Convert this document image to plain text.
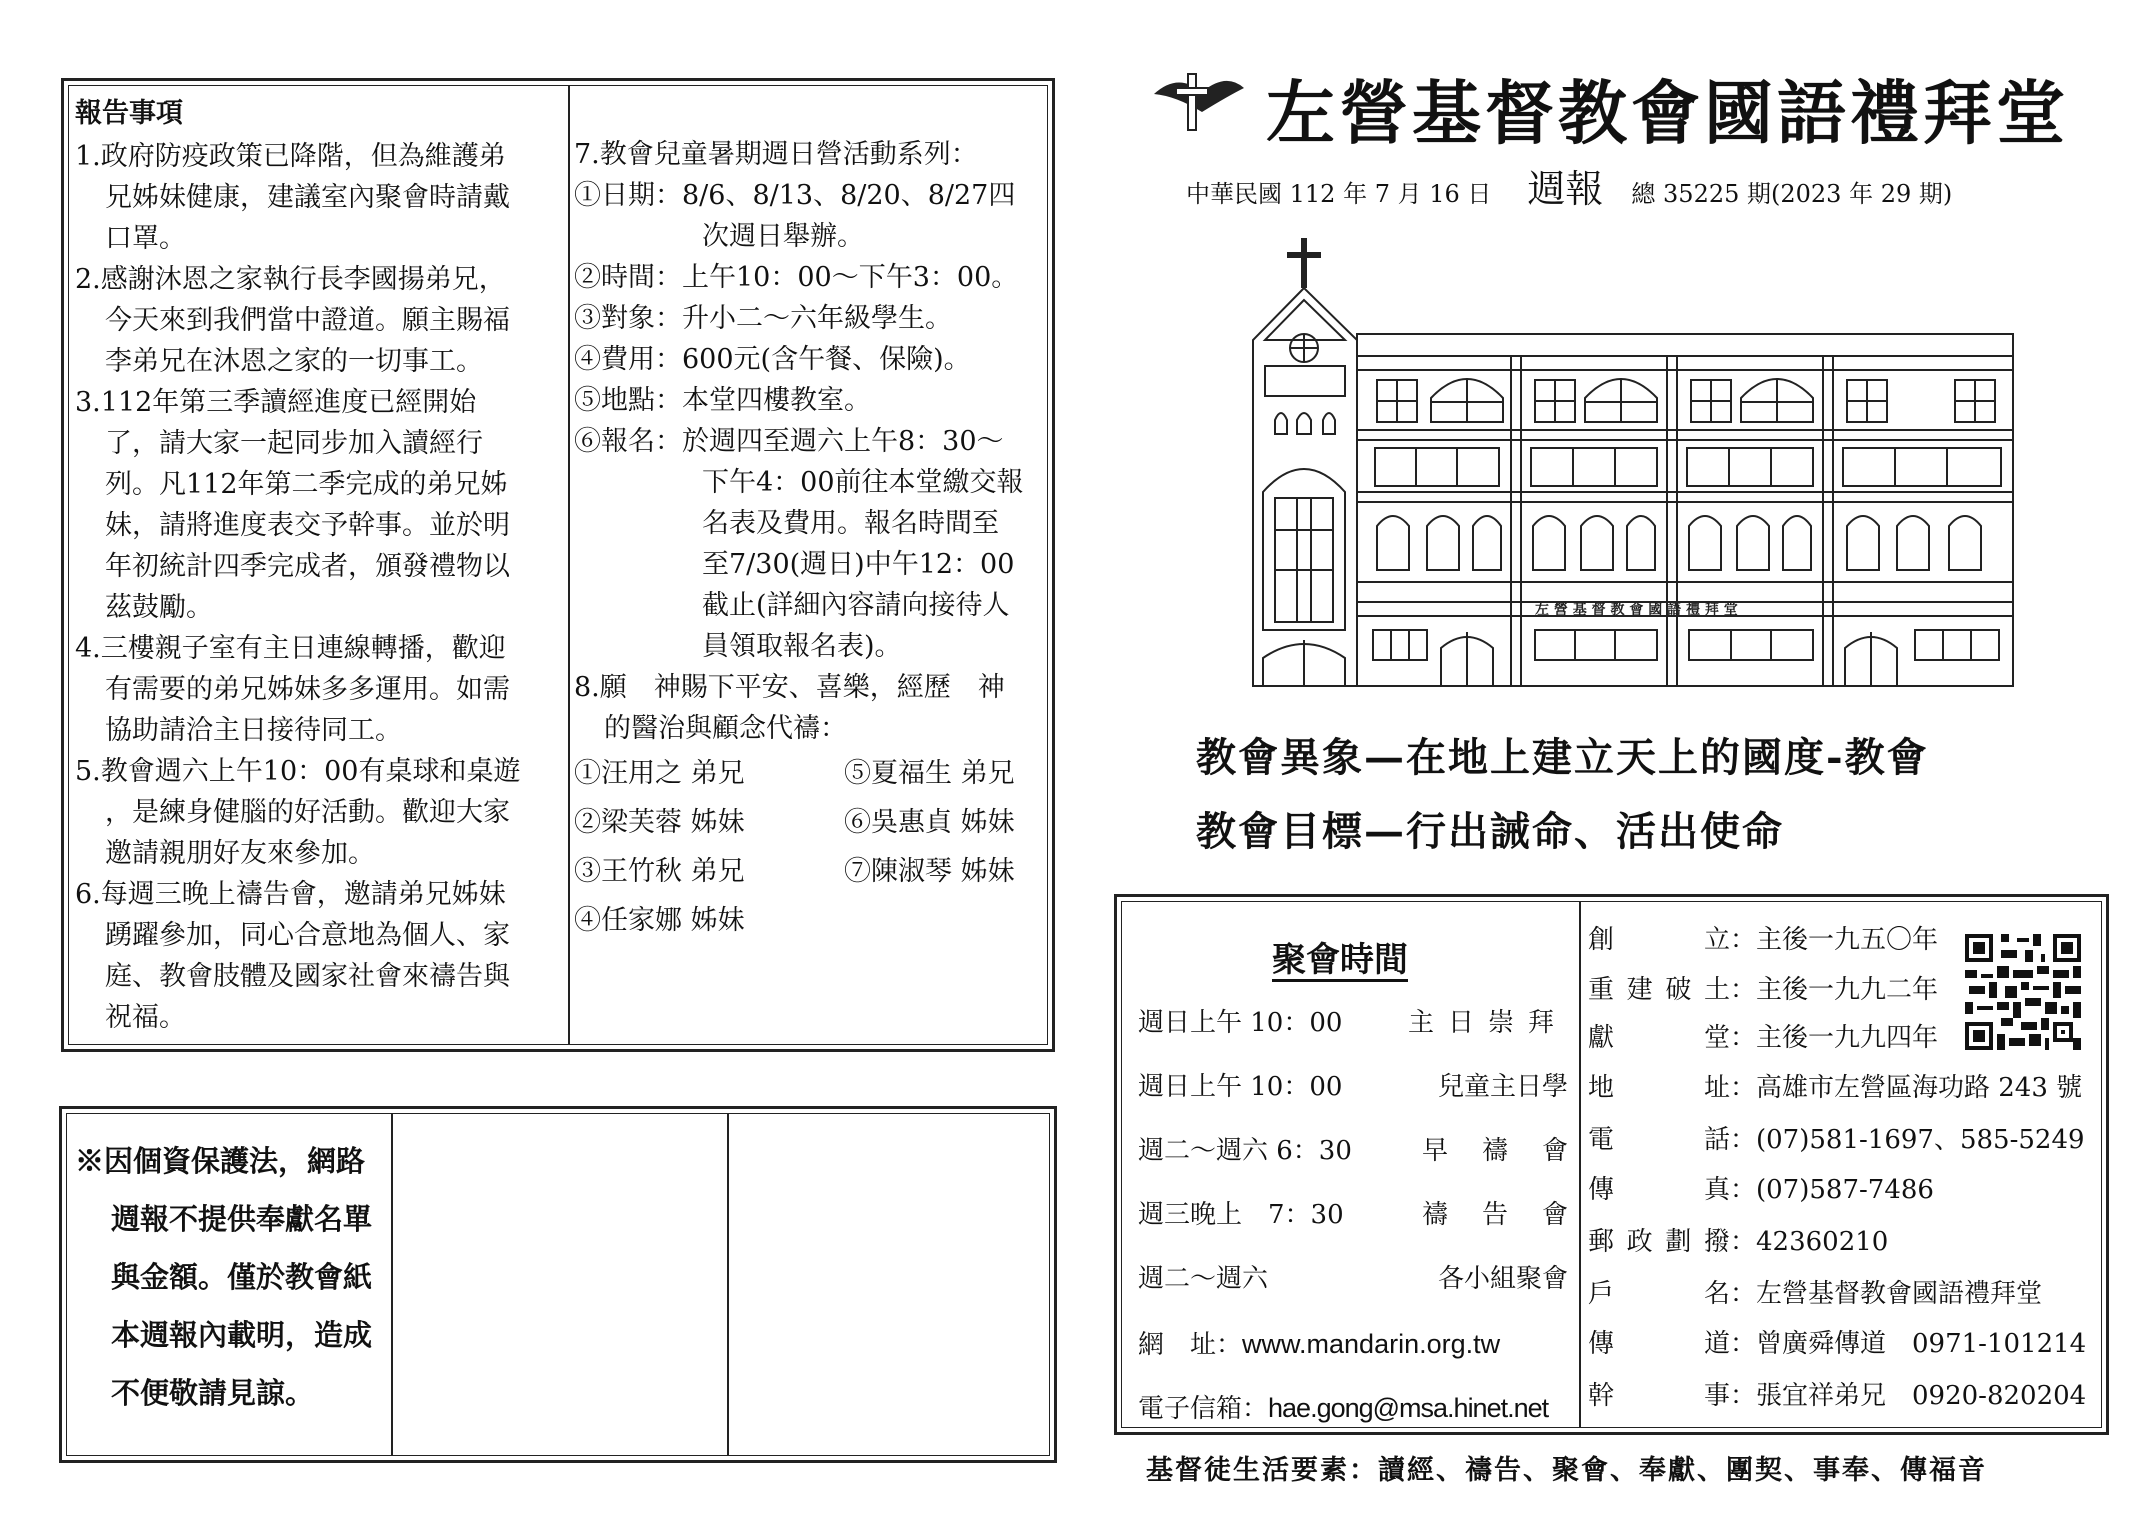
報告事項
1.政府防疫政策已降階，但為維護弟
兄姊妹健康，建議室內聚會時請戴
口罩。
2.感謝沐恩之家執行長李國揚弟兄，
今天來到我們當中證道。願主賜福
李弟兄在沐恩之家的一切事工。
3.112年第三季讀經進度已經開始
了，請大家一起同步加入讀經行
列。凡112年第二季完成的弟兄姊
妹，請將進度表交予幹事。並於明
年初統計四季完成者，頒發禮物以
茲鼓勵。
4.三樓親子室有主日連線轉播，歡迎
有需要的弟兄姊妹多多運用。如需
協助請洽主日接待同工。
5.教會週六上午10：00有桌球和桌遊
，是練身健腦的好活動。歡迎大家
邀請親朋好友來參加。
6.每週三晚上禱告會，邀請弟兄姊妹
踴躍參加，同心合意地為個人、家
庭、教會肢體及國家社會來禱告與
祝福。
7.教會兒童暑期週日營活動系列：
①日期：8/6、8/13、8/20、8/27四
次週日舉辦。
②時間：上午10：00～下午3：00。
③對象：升小二～六年級學生。
④費用：600元(含午餐、保險)。
⑤地點：本堂四樓教室。
⑥報名：於週四至週六上午8：30～
下午4：00前往本堂繳交報
名表及費用。報名時間至
至7/30(週日)中午12：00
截止(詳細內容請向接待人
員領取報名表)。
8.願　神賜下平安、喜樂，經歷　神
的醫治與顧念代禱：
①汪用之 弟兄	⑤夏福生 弟兄
②梁芙蓉 姊妹	⑥吳惠貞 姊妹
③王竹秋 弟兄	⑦陳淑琴 姊妹
④任家娜 姊妹
※因個資保護法，網路
週報不提供奉獻名單
與金額。僅於教會紙
本週報內載明，造成
不便敬請見諒。
左營基督教會國語禮拜堂
中華民國 112 年 7 月 16 日 週報 總 35225 期(2023 年 29 期)
左 營 基 督 教 會 國 語 禮 拜 堂
教會異象—在地上建立天上的國度-教會
教會目標—行出誡命、活出使命
聚會時間
週日上午 10：00	主日崇拜
週日上午 10：00	兒童主日學
週二～週六 6：30	早禱會
週三晚上　7：30	禱告會
週二～週六	各小組聚會
網　址：www.mandarin.org.tw
電子信箱：hae.gong@msa.hinet.net
創立：主後一九五〇年
重建破土：主後一九九二年
獻堂：主後一九九四年
地址：高雄市左營區海功路 243 號
電話：(07)581-1697、585-5249
傳真：(07)587-7486
郵政劃撥：42360210
戶名：左營基督教會國語禮拜堂
傳道：曾廣舜傳道　0971-101214
幹事：張宜祥弟兄　0920-820204
基督徒生活要素：讀經、禱告、聚會、奉獻、團契、事奉、傳福音
